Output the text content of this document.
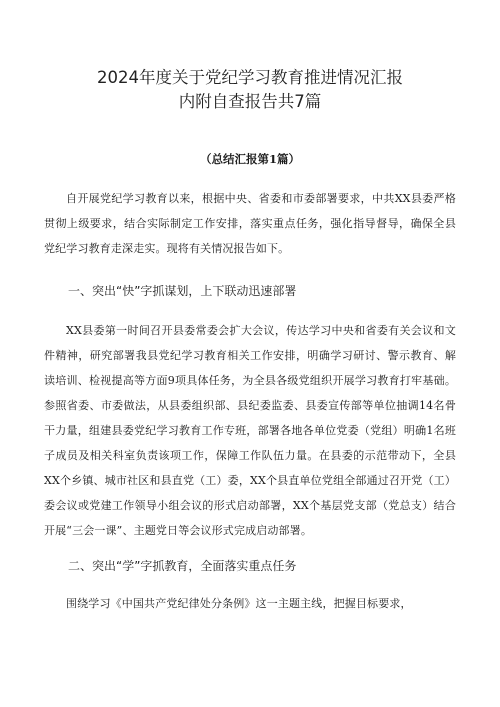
2024年度关于党纪学习教育推进情况汇报
内附自查报告共7篇

（总结汇报第1篇）

自开展党纪学习教育以来，根据中央、省委和市委部署要求，中共XX县委严格贯彻上级要求，结合实际制定工作安排，落实重点任务，强化指导督导，确保全县党纪学习教育走深走实。现将有关情况报告如下。

一、突出“快”字抓谋划，上下联动迅速部署

XX县委第一时间召开县委常委会扩大会议，传达学习中央和省委有关会议和文件精神，研究部署我县党纪学习教育相关工作安排，明确学习研讨、警示教育、解读培训、检视提高等方面9项具体任务，为全县各级党组织开展学习教育打牢基础。参照省委、市委做法，从县委组织部、县纪委监委、县委宣传部等单位抽调14名骨干力量，组建县委党纪学习教育工作专班，部署各地各单位党委（党组）明确1名班子成员及相关科室负责该项工作，保障工作队伍力量。在县委的示范带动下，全县XX个乡镇、城市社区和县直党（工）委，XX个县直单位党组全部通过召开党（工）委会议或党建工作领导小组会议的形式启动部署，XX个基层党支部（党总支）结合开展“三会一课”、主题党日等会议形式完成启动部署。

二、突出“学”字抓教育，全面落实重点任务

围绕学习《中国共产党纪律处分条例》这一主题主线，把握目标要求，
